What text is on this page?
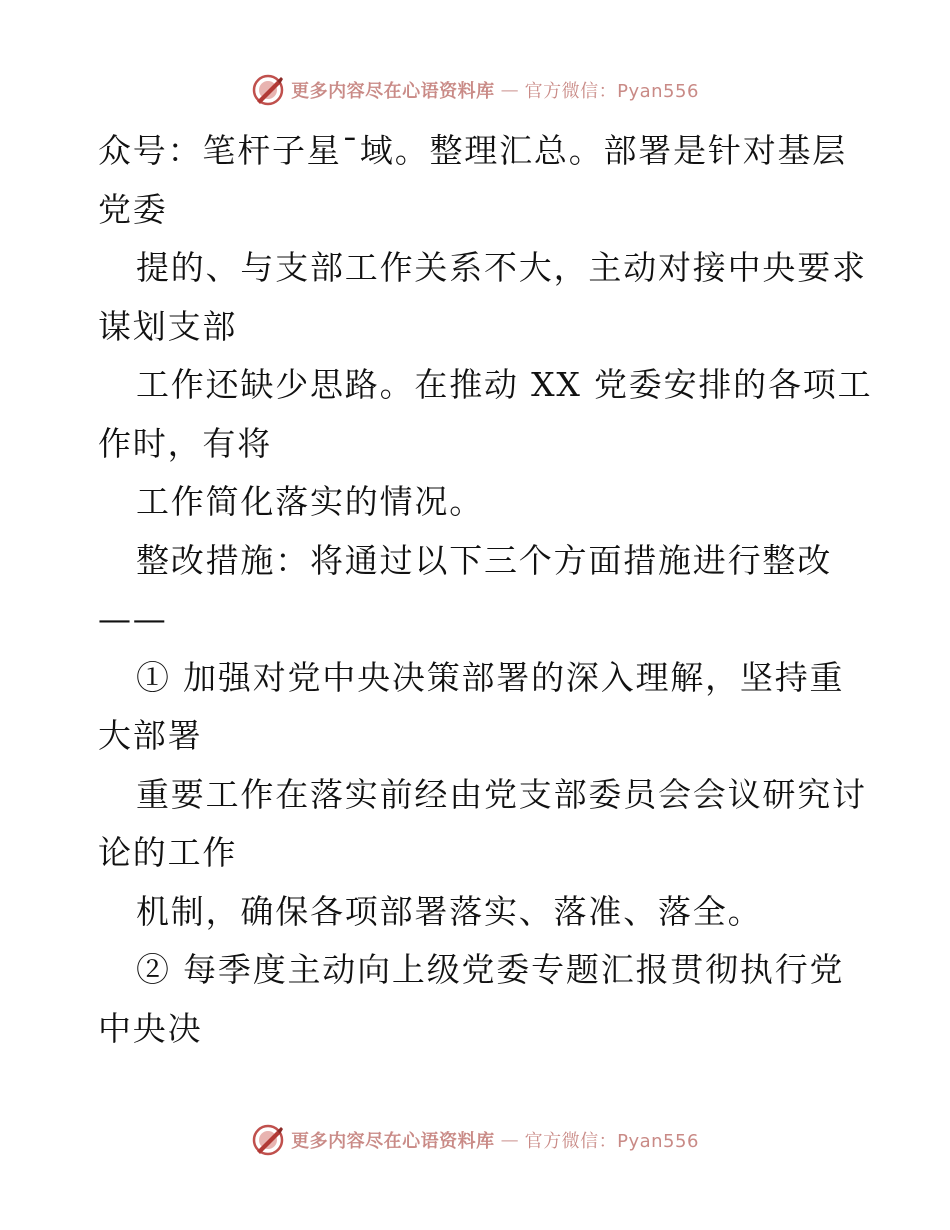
更多内容尽在心语资料库 — 官方微信：Pyan556
众号：笔杆子星¯域。整理汇总。部署是针对基层
党委
提的、与支部工作关系不大，主动对接中央要求
谋划支部
工作还缺少思路。在推动 XX 党委安排的各项工
作时，有将
工作简化落实的情况。
整改措施：将通过以下三个方面措施进行整改
——
① 加强对党中央决策部署的深入理解，坚持重
大部署
重要工作在落实前经由党支部委员会会议研究讨
论的工作
机制，确保各项部署落实、落准、落全。
② 每季度主动向上级党委专题汇报贯彻执行党
中央决
更多内容尽在心语资料库 — 官方微信：Pyan556
